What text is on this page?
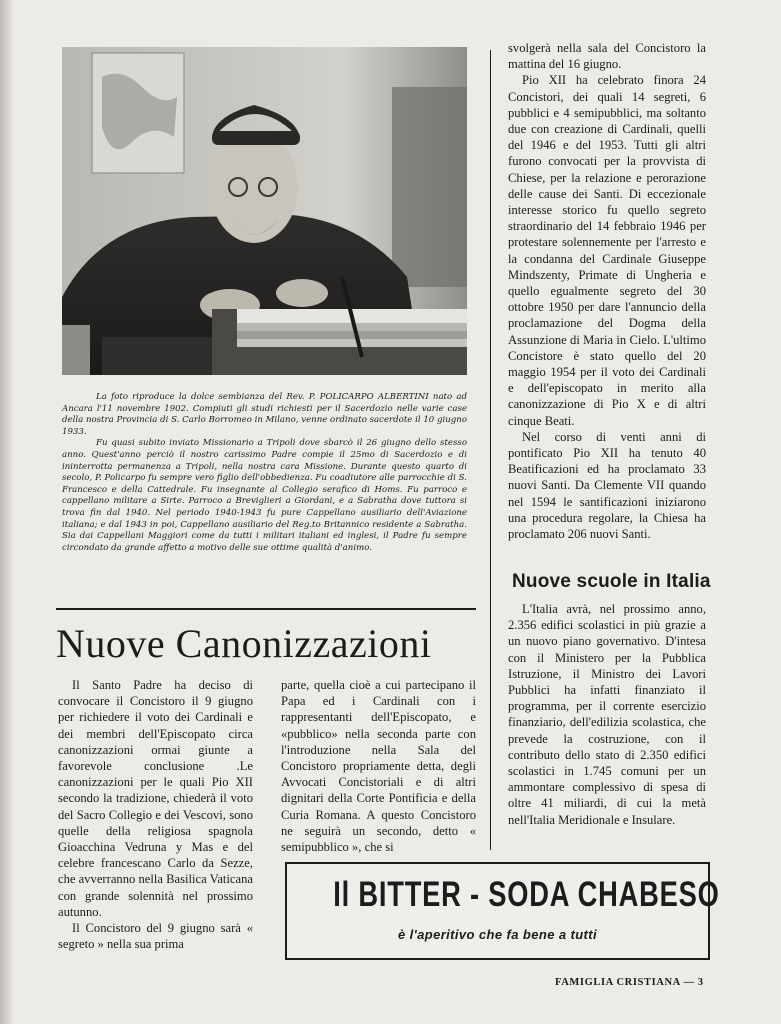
La foto riproduce la dolce sembianza del Rev. P. POLICARPO ALBERTINI nato ad Ancara l'11 novembre 1902. Compiuti gli studi richiesti per il Sacerdozio nelle varie case della nostra Provincia di S. Carlo Borromeo in Milano, venne ordinato sacerdote il 10 giugno 1933.

Fu quasi subito inviato Missionario a Tripoli dove sbarcò il 26 giugno dello stesso anno. Quest'anno perciò il nostro carissimo Padre compie il 25mo di Sacerdozio e di ininterrotta permanenza a Tripoli, nella nostra cara Missione. Durante questo quarto di secolo, P. Policarpo fu sempre vero figlio dell'obbedienza. Fu coadiutore alle parrocchie di S. Francesco e della Cattedrale. Fu insegnante al Collegio serafico di Homs. Fu parroco e cappellano militare a Sirte. Parroco a Breviglieri a Giordani, e a Sabratha dove tuttora si trova fin dal 1940. Nel periodo 1940-1943 fu pure Cappellano ausiliario dell'Aviazione italiana; e dal 1943 in poi, Cappellano ausiliario del Reg.to Britannico residente a Sabratha. Sia dai Cappellani Maggiori come da tutti i militari italiani ed inglesi, il Padre fu sempre circondato da grande affetto a motivo delle sue ottime qualità d'animo.

Nuove Canonizzazioni

Il Santo Padre ha deciso di convocare il Concistoro il 9 giugno per richiedere il voto dei Cardinali e dei membri dell'Episcopato circa canonizzazioni ormai giunte a favorevole conclusione .Le canonizzazioni per le quali Pio XII secondo la tradizione, chiederà il voto del Sacro Collegio e dei Vescovi, sono quelle della religiosa spagnola Gioacchina Vedruna y Mas e del celebre francescano Carlo da Sezze, che avverranno nella Basilica Vaticana con grande solennità nel prossimo autunno.

Il Concistoro del 9 giugno sarà « segreto » nella sua prima

parte, quella cioè a cui partecipano il Papa ed i Cardinali con i rappresentanti dell'Episcopato, e «pubblico» nella seconda parte con l'introduzione nella Sala del Concistoro propriamente detta, degli Avvocati Concistoriali e di altri dignitari della Corte Pontificia e della Curia Romana. A questo Concistoro ne seguirà un secondo, detto « semipubblico », che si

svolgerà nella sala del Concistoro la mattina del 16 giugno.

Pio XII ha celebrato finora 24 Concistori, dei quali 14 segreti, 6 pubblici e 4 semipubblici, ma soltanto due con creazione di Cardinali, quelli del 1946 e del 1953. Tutti gli altri furono convocati per la provvista di Chiese, per la relazione e perorazione delle cause dei Santi. Di eccezionale interesse storico fu quello segreto straordinario del 14 febbraio 1946 per protestare solennemente per l'arresto e la condanna del Cardinale Giuseppe Mindszenty, Primate di Ungheria e quello egualmente segreto del 30 ottobre 1950 per dare l'annuncio della proclamazione del Dogma della Assunzione di Maria in Cielo. L'ultimo Concistore è stato quello del 20 maggio 1954 per il voto dei Cardinali e dell'episcopato in merito alla canonizzazione di Pio X e di altri cinque Beati.

Nel corso di venti anni di pontificato Pio XII ha tenuto 40 Beatificazioni ed ha proclamato 33 nuovi Santi. Da Clemente VII quando nel 1594 le santificazioni iniziarono una procedura regolare, la Chiesa ha proclamato 206 nuovi Santi.

Nuove scuole in Italia

L'Italia avrà, nel prossimo anno, 2.356 edifici scolastici in più grazie a un nuovo piano governativo. D'intesa con il Ministero per la Pubblica Istruzione, il Ministro dei Lavori Pubblici ha infatti finanziato il programma, per il corrente esercizio finanziario, dell'edilizia scolastica, che prevede la costruzione, con il contributo dello stato di 2.350 edifici scolastici in 1.745 comuni per un ammontare complessivo di spesa di oltre 41 miliardi, di cui la metà nell'Italia Meridionale e Insulare.

Il BITTER - SODA CHABESO
è l'aperitivo che fa bene a tutti
FAMIGLIA CRISTIANA — 3
